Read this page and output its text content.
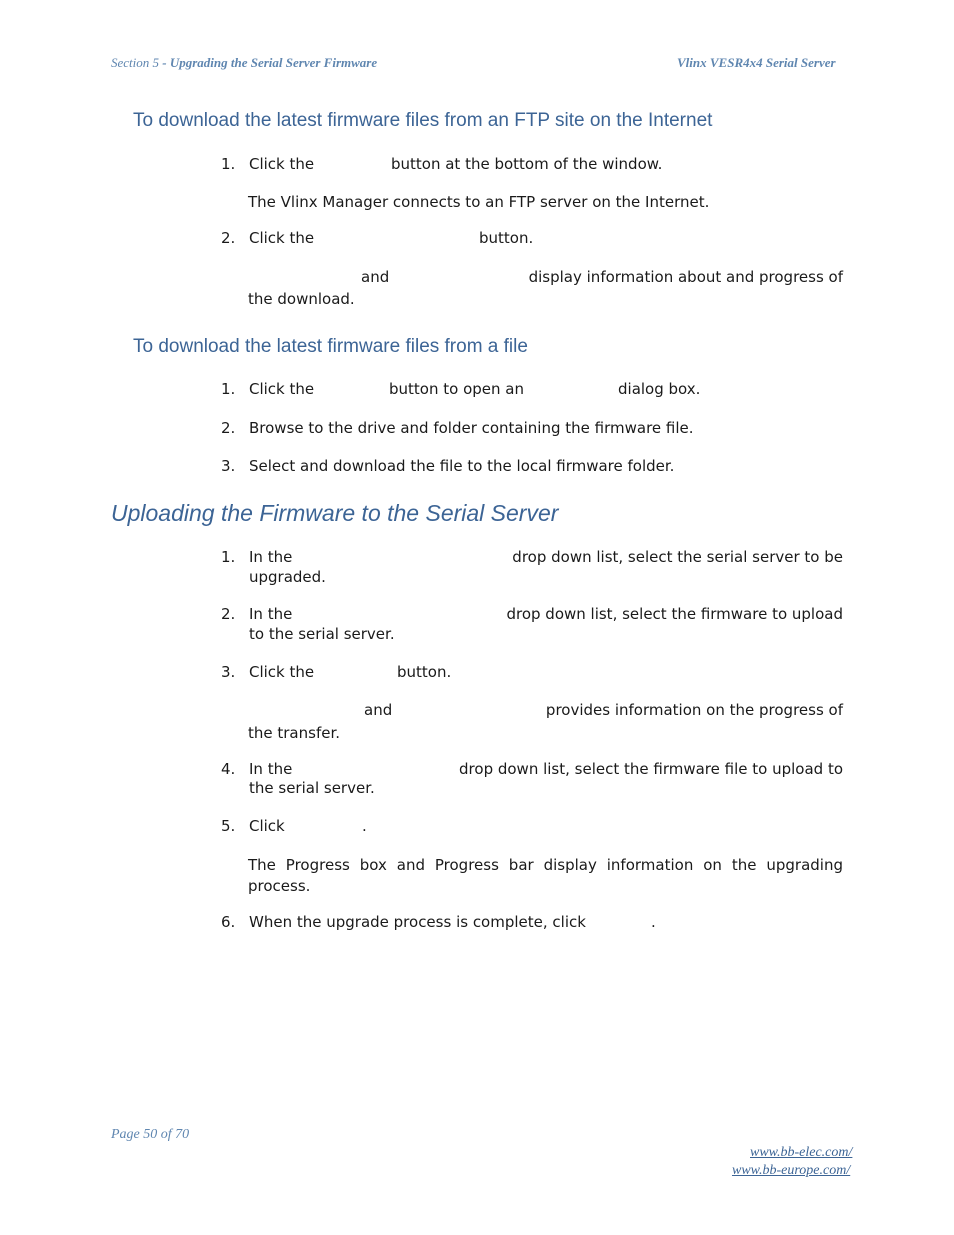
Section 5 - Upgrading the Serial Server Firmware	Vlinx VESR4x4 Serial Server
To download the latest firmware files from an FTP site on the Internet
1. Click the	button at the bottom of the window.
The Vlinx Manager connects to an FTP server on the Internet.
2. Click the	button.
and	display information about and progress of
the download.
To download the latest firmware files from a file
1. Click the	button to open an	dialog box.
2. Browse to the drive and folder containing the firmware file.
3. Select and download the file to the local firmware folder.
Uploading the Firmware to the Serial Server
1. In the	drop down list, select the serial server to be
upgraded.
2. In the	drop down list, select the firmware to upload
to the serial server.
3. Click the	button.
and	provides information on the progress of
the transfer.
4. In the	drop down list, select the firmware file to upload to
the serial server.
5. Click	.
The Progress box and Progress bar display information on the upgrading
process.
6. When the upgrade process is complete, click	.
Page 50 of 70
www.bb-elec.com/
www.bb-europe.com/
